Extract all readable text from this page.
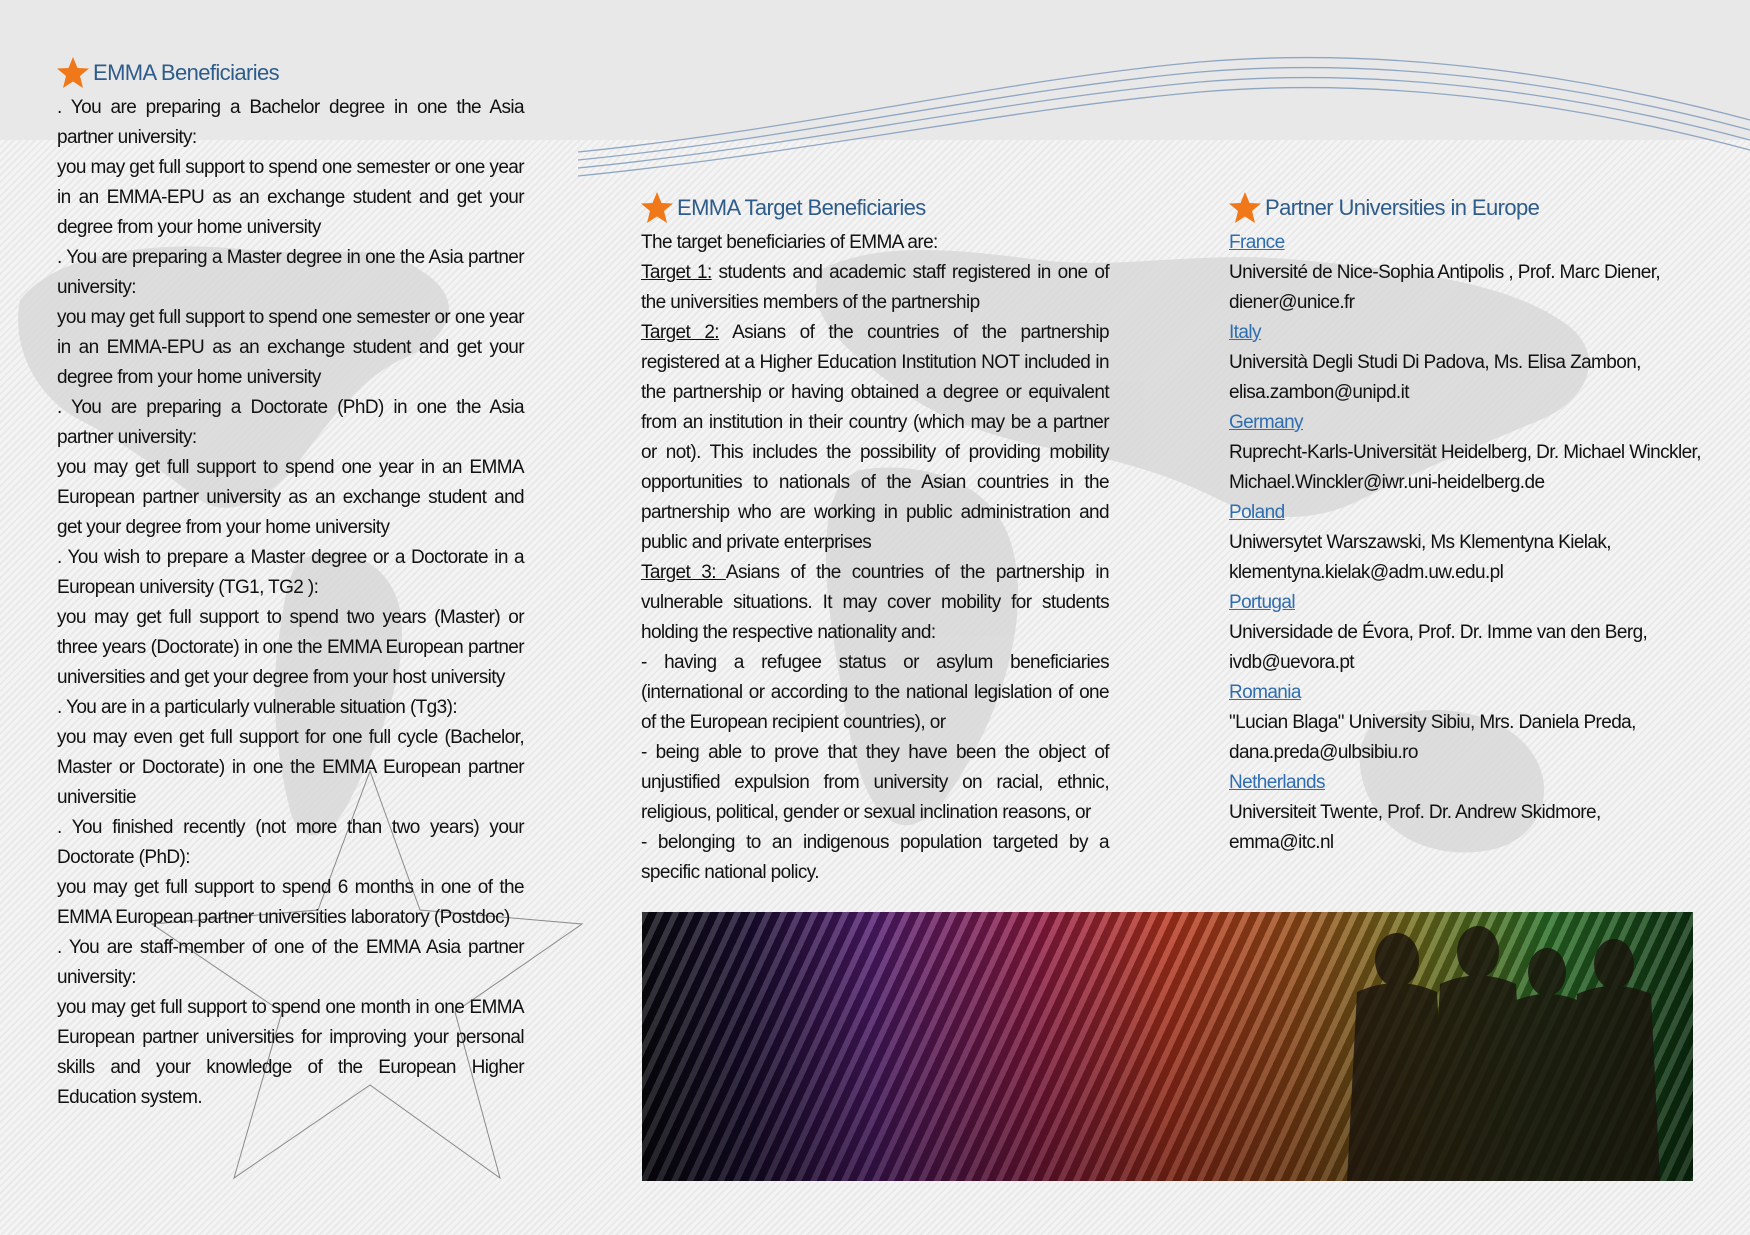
EMMA Beneficiaries

. You are preparing a Bachelor degree in one the Asia partner university:

you may get full support to spend one semester or one year in an EMMA-EPU as an exchange student and get your degree from your home university

. You are preparing a Master degree in one the Asia partner university:

you may get full support to spend one semester or one year in an EMMA-EPU as an exchange student and get your degree from your home university

. You are preparing a Doctorate (PhD) in one the Asia partner university:

you may get full support to spend one year in an EMMA European partner university as an exchange student and get your degree from your home university

. You wish to prepare a Master degree or a Doctorate in a European university (TG1, TG2 ):

you may get full support to spend two years (Master) or three years (Doctorate) in one the EMMA European partner universities and get your degree from your host university

. You are in a particularly vulnerable situation (Tg3):

you may even get full support for one full cycle (Bachelor, Master or Doctorate) in one the EMMA European partner universitie

. You finished recently (not more than two years) your Doctorate (PhD):

you may get full support to spend 6 months in one of the EMMA European partner universities laboratory (Postdoc)

. You are staff-member of one of the EMMA Asia partner university:

you may get full support to spend one month in one EMMA European partner universities for improving your personal skills and your knowledge of the European Higher Education system.

EMMA Target Beneficiaries

The target beneficiaries of EMMA are:

Target 1: students and academic staff registered in one of the universities members of the partnership

Target 2: Asians of the countries of the partnership registered at a Higher Education Institution NOT included in the partnership or having obtained a degree or equivalent from an institution in their country (which may be a partner or not). This includes the possibility of providing mobility opportunities to nationals of the Asian countries in the partnership who are working in public administration and public and private enterprises

Target 3: Asians of the countries of the partnership in vulnerable situations. It may cover mobility for students holding the respective nationality and:

- having a refugee status or asylum beneficiaries (international or according to the national legislation of one of the European recipient countries), or

- being able to prove that they have been the object of unjustified expulsion from university on racial, ethnic, religious, political, gender or sexual inclination reasons, or

- belonging to an indigenous population targeted by a specific national policy.

Partner Universities in Europe

France

Université de Nice-Sophia Antipolis , Prof. Marc Diener,

diener@unice.fr

Italy

Università Degli Studi Di Padova, Ms. Elisa Zambon,

elisa.zambon@unipd.it

Germany

Ruprecht-Karls-Universität Heidelberg, Dr. Michael Winckler,

Michael.Winckler@iwr.uni-heidelberg.de

Poland

Uniwersytet Warszawski, Ms Klementyna Kielak,

klementyna.kielak@adm.uw.edu.pl

Portugal

Universidade de Évora, Prof. Dr. Imme van den Berg,

ivdb@uevora.pt

Romania

"Lucian Blaga" University Sibiu, Mrs. Daniela Preda,

dana.preda@ulbsibiu.ro

Netherlands

Universiteit Twente, Prof. Dr. Andrew Skidmore,

emma@itc.nl
